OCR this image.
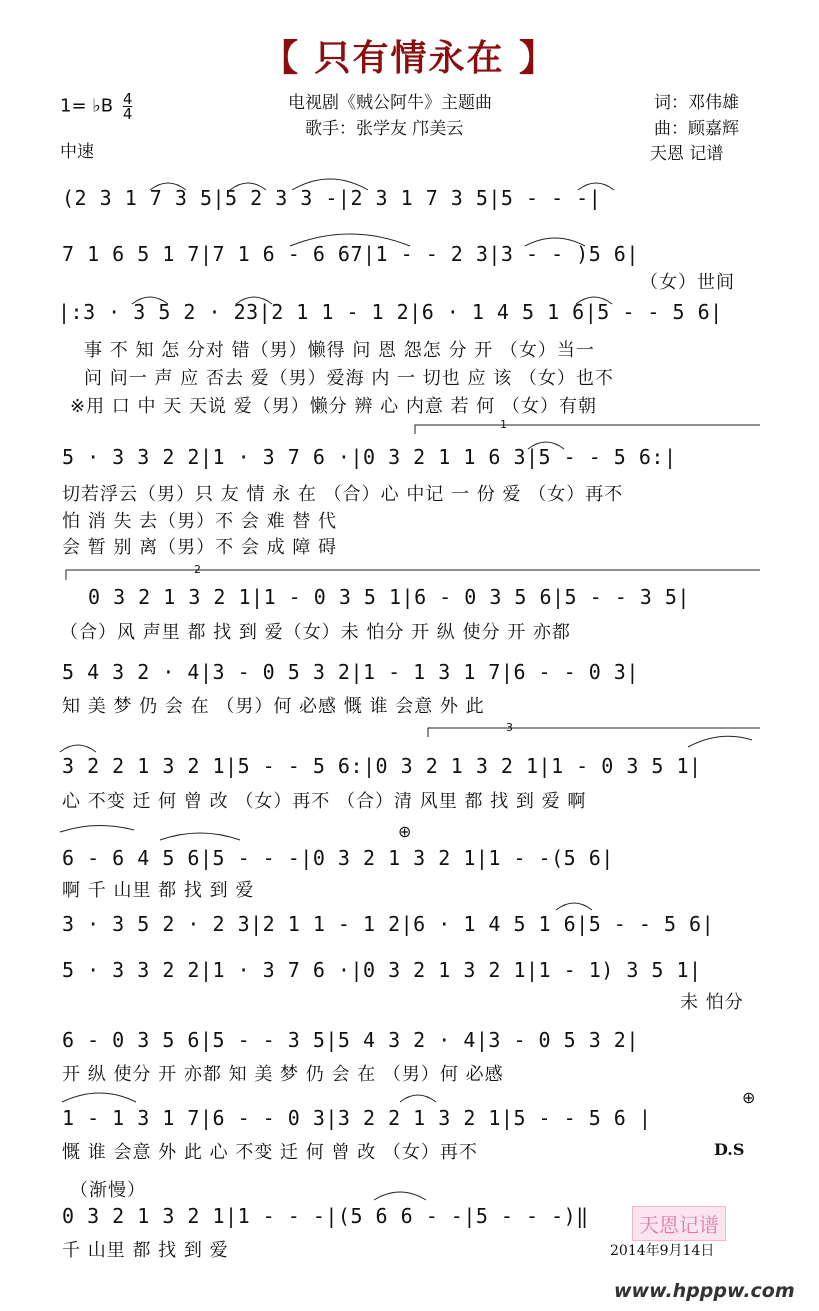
【 只有情永在 】
1= ♭B $\frac{4}{4}$
中速
电视剧《贼公阿牛》主题曲
歌手：张学友 邝美云
词：邓伟雄
曲：顾嘉辉
天恩 记谱
(2 3 1 7 3 5|5 2 3 3 -|2 3 1 7 3 5|5 - - -|
7 1 6 5 1 7|7 1 6 - 6 67|1 - - 2 3|3 - - )5 6|
（女）世间
|:3 · 3 5 2 · 23|2 1 1 - 1 2|6 · 1 4 5 1 6|5 - - 5 6|
事 不 知 怎 分对 错（男）懒得 问 恩 怨怎 分 开 （女）当一
问 问一 声 应 否去 爱（男）爱海 内 一 切也 应 该 （女）也不
※用 口 中 天 天说 爱（男）懒分 辨 心 内意 若 何 （女）有朝
5 · 3 3 2 2|1 · 3 7 6 ·|0 3 2 1 1 6 3|5 - - 5 6:|
切若浮云（男）只 友 情 永 在 （合）心 中记 一 份 爱 （女）再不
怕 消 失 去（男）不 会 难 替 代
会 暂 别 离（男）不 会 成 障 碍
0 3 2 1 3 2 1|1 - 0 3 5 1|6 - 0 3 5 6|5 - - 3 5|
（合）风 声里 都 找 到 爱（女）未 怕分 开 纵 使分 开 亦都
5 4 3 2 · 4|3 - 0 5 3 2|1 - 1 3 1 7|6 - - 0 3|
知 美 梦 仍 会 在 （男）何 必感 慨 谁 会意 外 此
3 2 2 1 3 2 1|5 - - 5 6:|0 3 2 1 3 2 1|1 - 0 3 5 1|
心 不变 迁 何 曾 改 （女）再不 （合）清 风里 都 找 到 爱 啊
⊕
6 - 6 4 5 6|5 - - -|0 3 2 1 3 2 1|1 - -(5 6|
啊 千 山里 都 找 到 爱
3 · 3 5 2 · 2 3|2 1 1 - 1 2|6 · 1 4 5 1 6|5 - - 5 6|
5 · 3 3 2 2|1 · 3 7 6 ·|0 3 2 1 3 2 1|1 - 1) 3 5 1|
未 怕分
6 - 0 3 5 6|5 - - 3 5|5 4 3 2 · 4|3 - 0 5 3 2|
开 纵 使分 开 亦都 知 美 梦 仍 会 在 （男）何 必感
⊕
1 - 1 3 1 7|6 - - 0 3|3 2 2 1 3 2 1|5 - - 5 6 |
慨 谁 会意 外 此 心 不变 迁 何 曾 改 （女）再不	D.S
（渐慢）
0 3 2 1 3 2 1|1 - - -|(5 6 6 - -|5 - - -)‖
千 山里 都 找 到 爱
1
2
3
天恩记谱
2014年9月14日
www.hpppw.com
